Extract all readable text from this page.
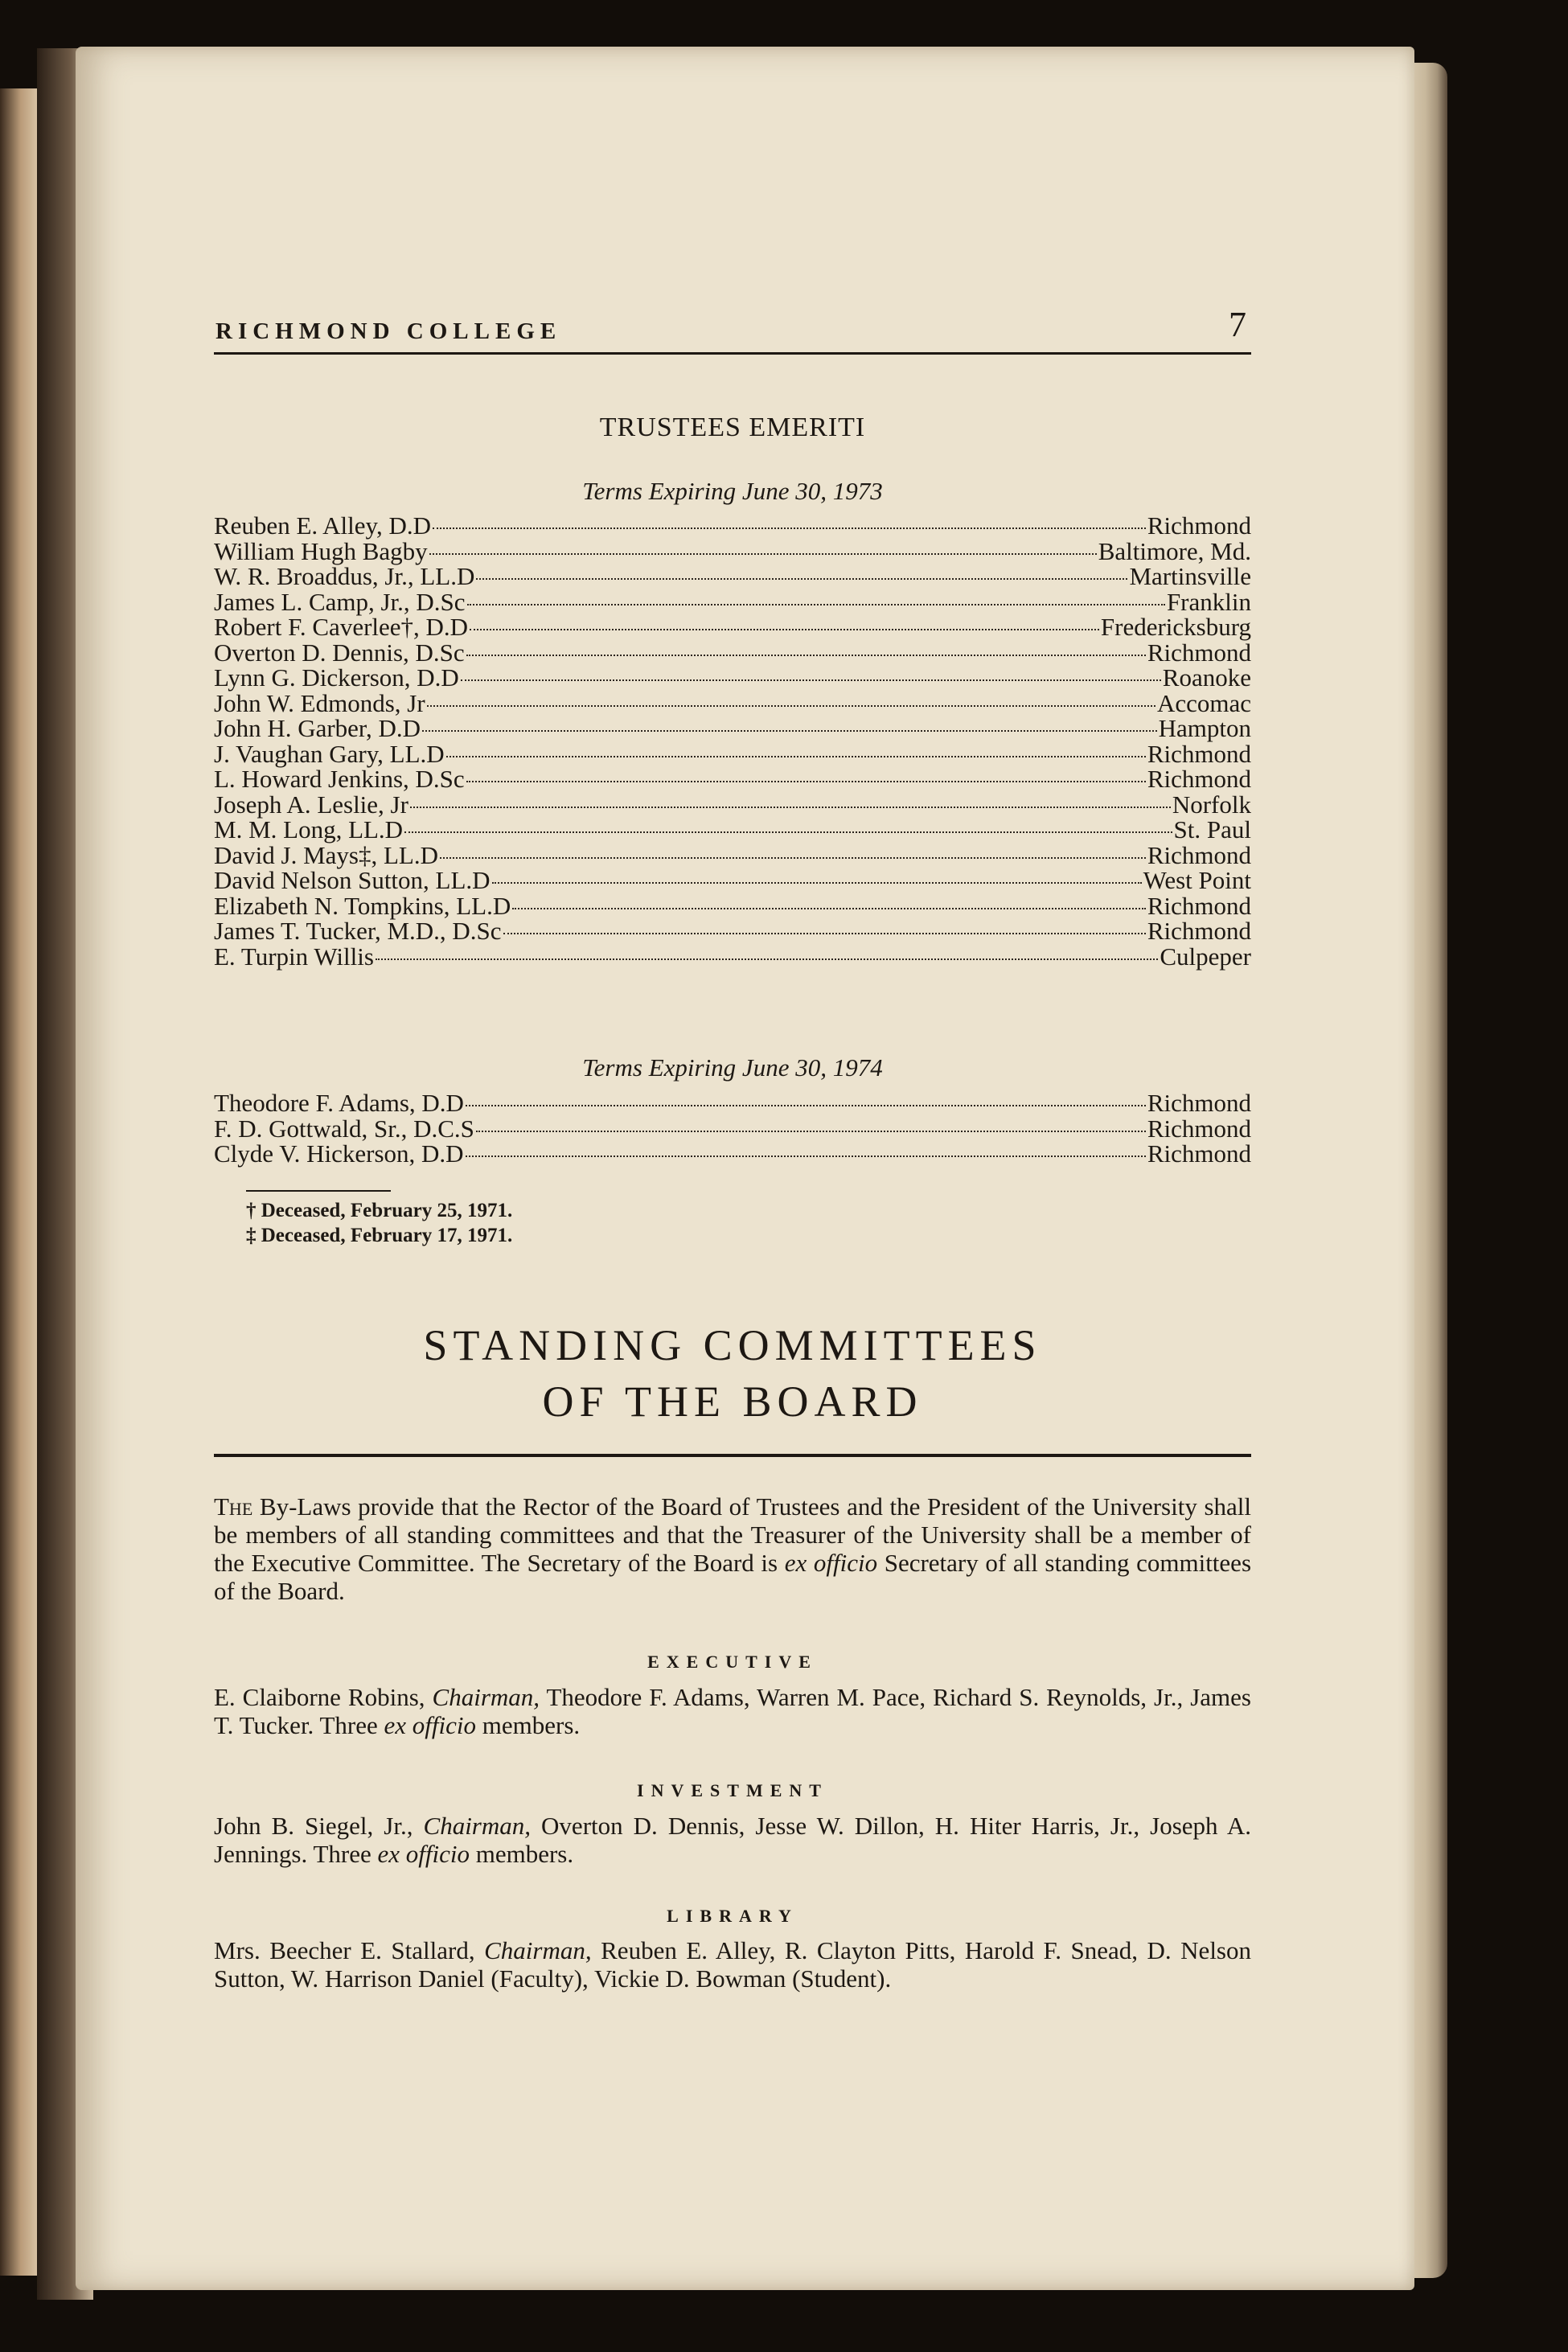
RICHMOND COLLEGE	7
TRUSTEES EMERITI
Terms Expiring June 30, 1973
Reuben E. Alley, D.D	Richmond
William Hugh Bagby	Baltimore, Md.
W. R. Broaddus, Jr., LL.D	Martinsville
James L. Camp, Jr., D.Sc	Franklin
Robert F. Caverlee†, D.D	Fredericksburg
Overton D. Dennis, D.Sc	Richmond
Lynn G. Dickerson, D.D	Roanoke
John W. Edmonds, Jr	Accomac
John H. Garber, D.D	Hampton
J. Vaughan Gary, LL.D	Richmond
L. Howard Jenkins, D.Sc	Richmond
Joseph A. Leslie, Jr	Norfolk
M. M. Long, LL.D	St. Paul
David J. Mays‡, LL.D	Richmond
David Nelson Sutton, LL.D	West Point
Elizabeth N. Tompkins, LL.D	Richmond
James T. Tucker, M.D., D.Sc	Richmond
E. Turpin Willis	Culpeper
Terms Expiring June 30, 1974
Theodore F. Adams, D.D	Richmond
F. D. Gottwald, Sr., D.C.S	Richmond
Clyde V. Hickerson, D.D	Richmond
† Deceased, February 25, 1971.
‡ Deceased, February 17, 1971.
STANDING COMMITTEES
OF THE BOARD
The By-Laws provide that the Rector of the Board of Trustees and the President of the University shall be members of all standing committees and that the Treasurer of the University shall be a member of the Executive Committee. The Secretary of the Board is ex officio Secretary of all standing committees of the Board.
EXECUTIVE
E. Claiborne Robins, Chairman, Theodore F. Adams, Warren M. Pace, Richard S. Reynolds, Jr., James T. Tucker. Three ex officio members.
INVESTMENT
John B. Siegel, Jr., Chairman, Overton D. Dennis, Jesse W. Dillon, H. Hiter Harris, Jr., Joseph A. Jennings. Three ex officio members.
LIBRARY
Mrs. Beecher E. Stallard, Chairman, Reuben E. Alley, R. Clayton Pitts, Harold F. Snead, D. Nelson Sutton, W. Harrison Daniel (Faculty), Vickie D. Bowman (Student).
